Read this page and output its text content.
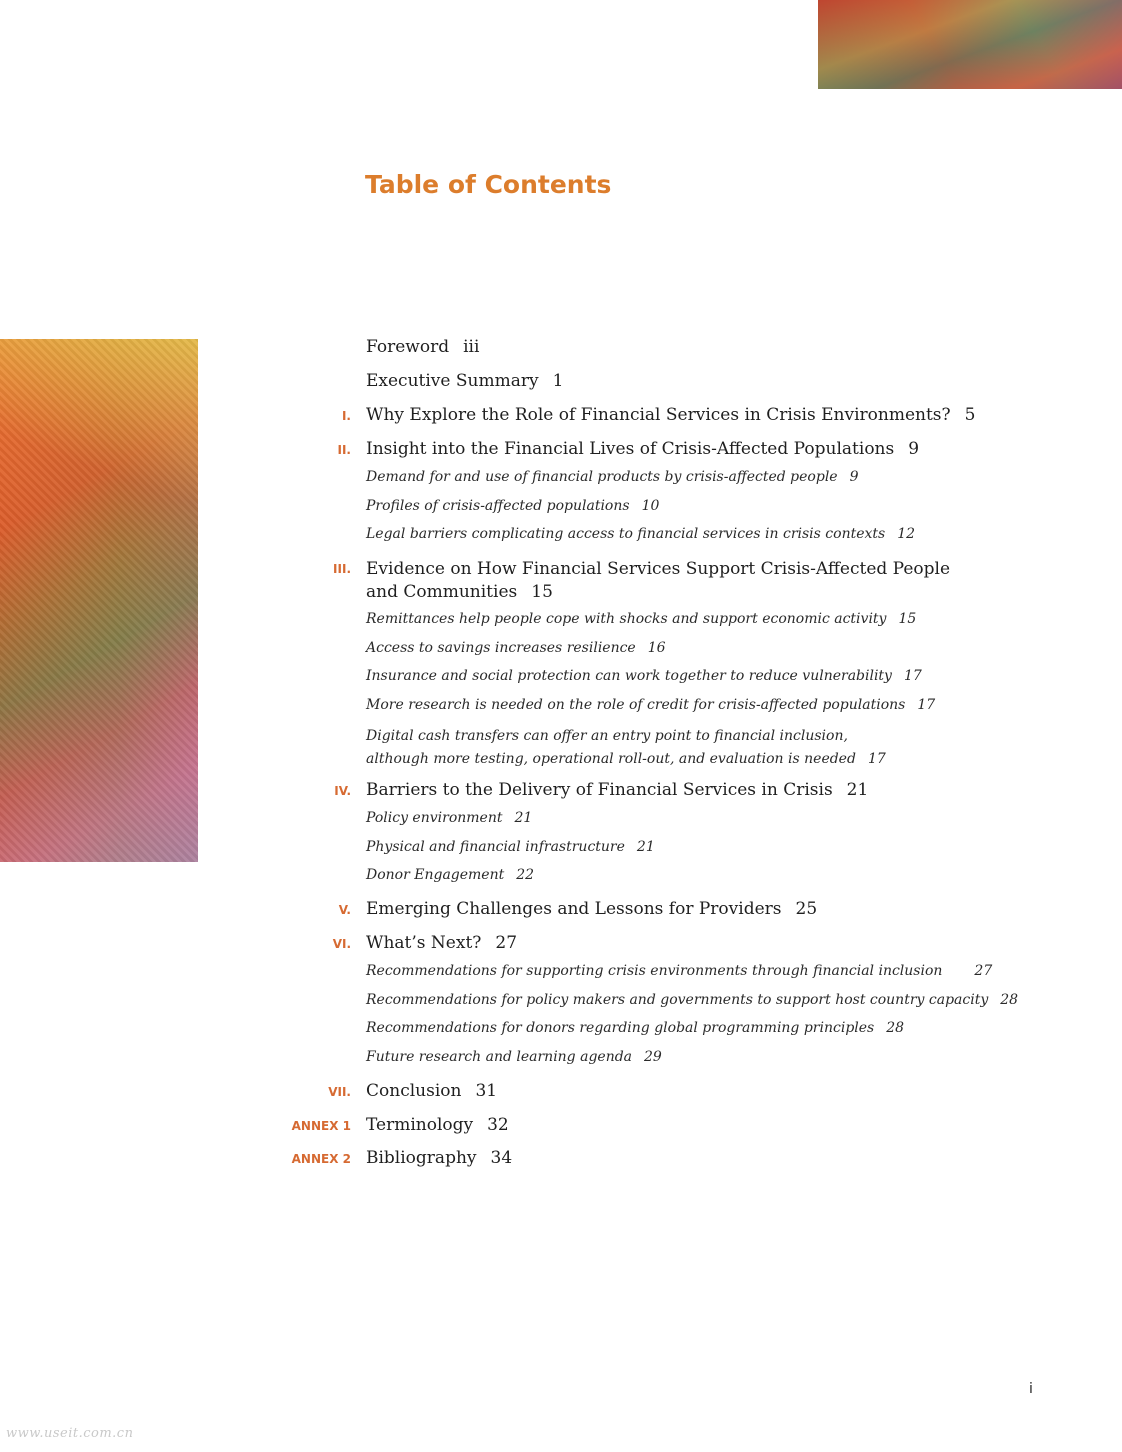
Table of Contents
Foreword iii
Executive Summary 1
I. Why Explore the Role of Financial Services in Crisis Environments? 5
II. Insight into the Financial Lives of Crisis-Affected Populations 9
Demand for and use of financial products by crisis-affected people 9
Profiles of crisis-affected populations 10
Legal barriers complicating access to financial services in crisis contexts 12
III. Evidence on How Financial Services Support Crisis-Affected People
and Communities 15
Remittances help people cope with shocks and support economic activity 15
Access to savings increases resilience 16
Insurance and social protection can work together to reduce vulnerability 17
More research is needed on the role of credit for crisis-affected populations 17
Digital cash transfers can offer an entry point to financial inclusion,
although more testing, operational roll-out, and evaluation is needed 17
IV. Barriers to the Delivery of Financial Services in Crisis 21
Policy environment 21
Physical and financial infrastructure 21
Donor Engagement 22
V. Emerging Challenges and Lessons for Providers 25
VI. What’s Next? 27
Recommendations for supporting crisis environments through financial inclusion 27
Recommendations for policy makers and governments to support host country capacity 28
Recommendations for donors regarding global programming principles 28
Future research and learning agenda 29
VII. Conclusion 31
ANNEX 1 Terminology 32
ANNEX 2 Bibliography 34
i
www.useit.com.cn
